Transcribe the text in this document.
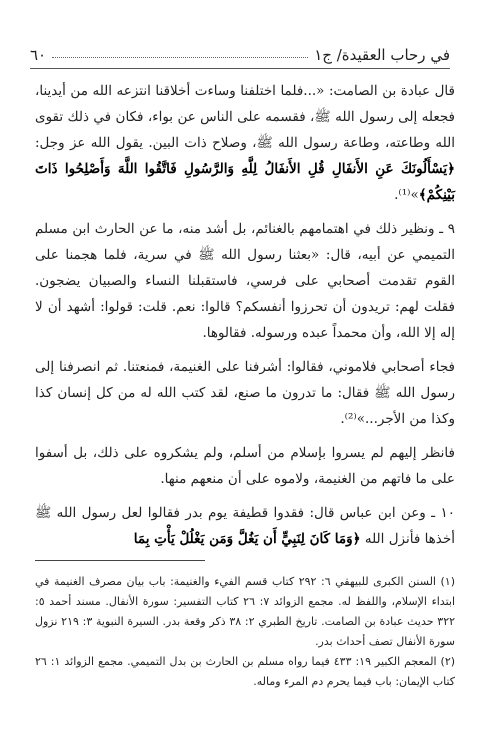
في رحاب العقيدة/ ج١
٦٠

قال عبادة بن الصامت: «...فلما اختلفنا وساءت أخلاقنا انتزعه الله من أيدينا، فجعله إلى رسول الله ﷺ، فقسمه على الناس عن بواء، فكان في ذلك تقوى الله وطاعته، وطاعة رسول الله ﷺ، وصلاح ذات البين. يقول الله عز وجل: ﴿يَسْأَلُونَكَ عَنِ الأَنفَالِ قُلِ الأَنفَالُ لِلَّهِ وَالرَّسُولِ فَاتَّقُوا اللَّهَ وَأَصْلِحُوا ذَاتَ بَيْنِكُمْ﴾»⁽¹⁾.

٩ ـ ونظير ذلك في اهتمامهم بالغنائم، بل أشد منه، ما عن الحارث ابن مسلم التميمي عن أبيه، قال: «بعثنا رسول الله ﷺ في سرية، فلما هجمنا على القوم تقدمت أصحابي على فرسي، فاستقبلنا النساء والصبيان يضجون. فقلت لهم: تريدون أن تحرزوا أنفسكم؟ قالوا: نعم. قلت: قولوا: أشهد أن لا إله إلا الله، وأن محمداً عبده ورسوله. فقالوها.

فجاء أصحابي فلاموني، فقالوا: أشرفنا على الغنيمة، فمنعتنا. ثم انصرفنا إلى رسول الله ﷺ فقال: ما تدرون ما صنع، لقد كتب الله له من كل إنسان كذا وكذا من الأجر...»⁽²⁾.

فانظر إليهم لم يسروا بإسلام من أسلم، ولم يشكروه على ذلك، بل أسفوا على ما فاتهم من الغنيمة، ولاموه على أن منعهم منها.

١٠ ـ وعن ابن عباس قال: فقدوا قطيفة يوم بدر فقالوا لعل رسول الله ﷺ أخذها فأنزل الله ﴿وَمَا كَانَ لِنَبِيٍّ أَن يَغُلَّ وَمَن يَغْلُلْ يَأْتِ بِمَا

(١) السنن الكبرى للبيهقي ٦: ٢٩٢ كتاب قسم الفيء والغنيمة: باب بيان مصرف الغنيمة في ابتداء الإسلام، واللفظ له. مجمع الزوائد ٧: ٢٦ كتاب التفسير: سورة الأنفال. مسند أحمد ٥: ٣٢٢ حديث عبادة بن الصامت. تاريخ الطبري ٢: ٣٨ ذكر وقعة بدر. السيرة النبوية ٣: ٢١٩ نزول سورة الأنفال تصف أحداث بدر.

(٢) المعجم الكبير ١٩: ٤٣٣ فيما رواه مسلم بن الحارث بن بدل التميمي. مجمع الزوائد ١: ٢٦ كتاب الإيمان: باب فيما يحرم دم المرء وماله.
